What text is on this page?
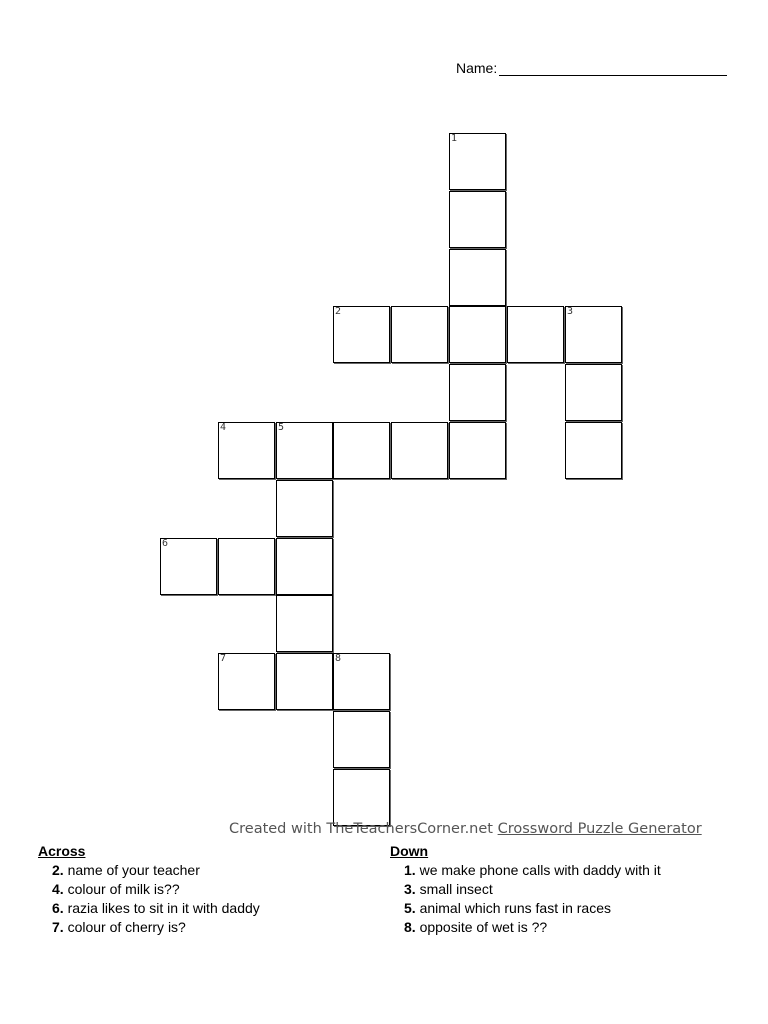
Name:
1
2	3
4	5
6
7	8
Created with TheTeachersCorner.net Crossword Puzzle Generator
Across
2. name of your teacher
4. colour of milk is??
6. razia likes to sit in it with daddy
7. colour of cherry is?
Down
1. we make phone calls with daddy with it
3. small insect
5. animal which runs fast in races
8. opposite of wet is ??
